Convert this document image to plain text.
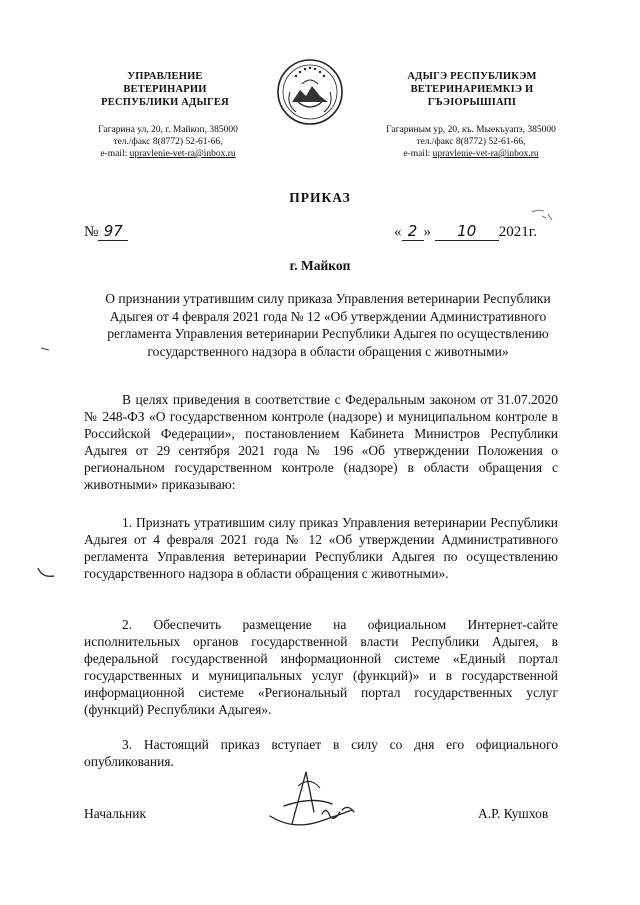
УПРАВЛЕНИЕ
ВЕТЕРИНАРИИ
РЕСПУБЛИКИ АДЫГЕЯ
Гагарина ул, 20, г. Майкоп, 385000
тел./факс 8(8772) 52-61-66,
e-mail: upravlenie-vet-ra@inbox.ru
АДЫГЭ РЕСПУБЛИКЭМ
ВЕТЕРИНАРИЕМКIЭ И
ГЪЭIОРЫШIАПI
Гагариным ур, 20, къ. Мыекъуапэ, 385000
тел./факс 8(8772) 52-61-66,
e-mail: upravlenie-vet-ra@inbox.ru
ПРИКАЗ
№ 97	« 2 » 10 2021г.
г. Майкоп
О признании утратившим силу приказа Управления ветеринарии Республики Адыгея от 4 февраля 2021 года № 12 «Об утверждении Административного регламента Управления ветеринарии Республики Адыгея по осуществлению государственного надзора в области обращения с животными»

В целях приведения в соответствие с Федеральным законом от 31.07.2020 № 248-ФЗ «О государственном контроле (надзоре) и муниципальном контроле в Российской Федерации», постановлением Кабинета Министров Республики Адыгея от 29 сентября 2021 года № 196 «Об утверждении Положения о региональном государственном контроле (надзоре) в области обращения с животными» приказываю:

1. Признать утратившим силу приказ Управления ветеринарии Республики Адыгея от 4 февраля 2021 года № 12 «Об утверждении Административного регламента Управления ветеринарии Республики Адыгея по осуществлению государственного надзора в области обращения с животными».

2. Обеспечить размещение на официальном Интернет-сайте исполнительных органов государственной власти Республики Адыгея, в федеральной государственной информационной системе «Единый портал государственных и муниципальных услуг (функций)» и в государственной информационной системе «Региональный портал государственных услуг (функций) Республики Адыгея».

3. Настоящий приказ вступает в силу со дня его официального опубликования.

Начальник	А.Р. Кушхов
